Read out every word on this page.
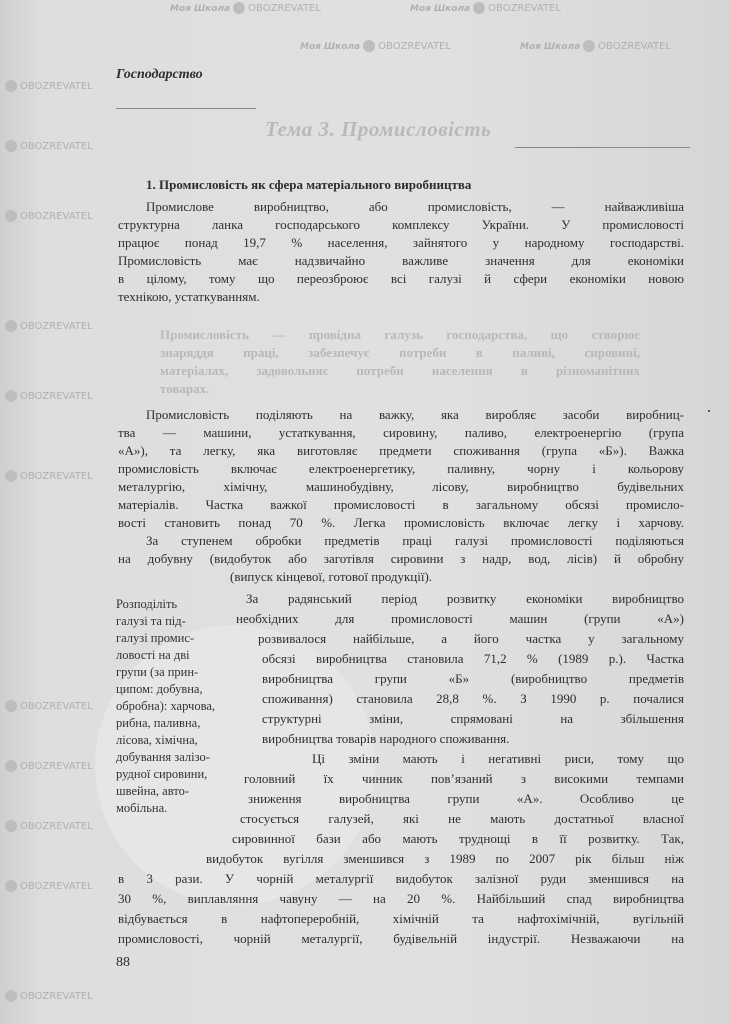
Моя Школа OBOZREVATEL	Моя Школа OBOZREVATEL
Моя Школа OBOZREVATEL	Моя Школа OBOZREVATEL
OBOZREVATEL
OBOZREVATEL
OBOZREVATEL
OBOZREVATEL
OBOZREVATEL
OBOZREVATEL
OBOZREVATEL
OBOZREVATEL
OBOZREVATEL
OBOZREVATEL
OBOZREVATEL
Господарство
Тема 3. Промисловість
1. Промисловість як сфера матеріального виробництва
Промислове виробництво, або промисловість, — найважливіша
структурна ланка господарського комплексу України. У промисловості
працює понад 19,7 % населення, зайнятого у народному господарстві.
Промисловість має надзвичайно важливе значення для економіки
в цілому, тому що переозброює всі галузі й сфери економіки новою
технікою, устаткуванням.
Промисловість — провідна галузь господарства, що створює
знаряддя праці, забезпечує потреби в паливі, сировині,
матеріалах, задовольняє потреби населення в різноманітних
товарах.
Промисловість поділяють на важку, яка виробляє засоби виробниц-
тва — машини, устаткування, сировину, паливо, електроенергію (група
«А»), та легку, яка виготовляє предмети споживання (група «Б»). Важка
промисловість включає електроенергетику, паливну, чорну і кольорову
металургію, хімічну, машинобудівну, лісову, виробництво будівельних
матеріалів. Частка важкої промисловості в загальному обсязі промисло-
вості становить понад 70 %. Легка промисловість включає легку і харчову.
За ступенем обробки предметів праці галузі промисловості поділяються
на добувну (видобуток або заготівля сировини з надр, вод, лісів) й обробну
(випуск кінцевої, готової продукції).
Розподіліть
галузі та під-
галузі промис-
ловості на дві
групи (за прин-
ципом: добувна,
обробна): харчова,
рибна, паливна,
лісова, хімічна,
добування залізо-
рудної сировини,
швейна, авто-
мобільна.
За радянський період розвитку економіки виробництво
необхідних для промисловості машин (групи «А»)
розвивалося найбільше, а його частка у загальному
обсязі виробництва становила 71,2 % (1989 р.). Частка
виробництва групи «Б» (виробництво предметів
споживання) становила 28,8 %. З 1990 р. почалися
структурні зміни, спрямовані на збільшення
виробництва товарів народного споживання.
Ці зміни мають і негативні риси, тому що
головний їх чинник пов’язаний з високими темпами
зниження виробництва групи «А». Особливо це
стосується галузей, які не мають достатньої власної
сировинної бази або мають труднощі в її розвитку. Так,
видобуток вугілля зменшився з 1989 по 2007 рік більш ніж
в 3 рази. У чорній металургії видобуток залізної руди зменшився на
30 %, виплавляння чавуну — на 20 %. Найбільший спад виробництва
відбувається в нафтопереробній, хімічній та нафтохімічній, вугільній
промисловості, чорній металургії, будівельній індустрії. Незважаючи на
88
